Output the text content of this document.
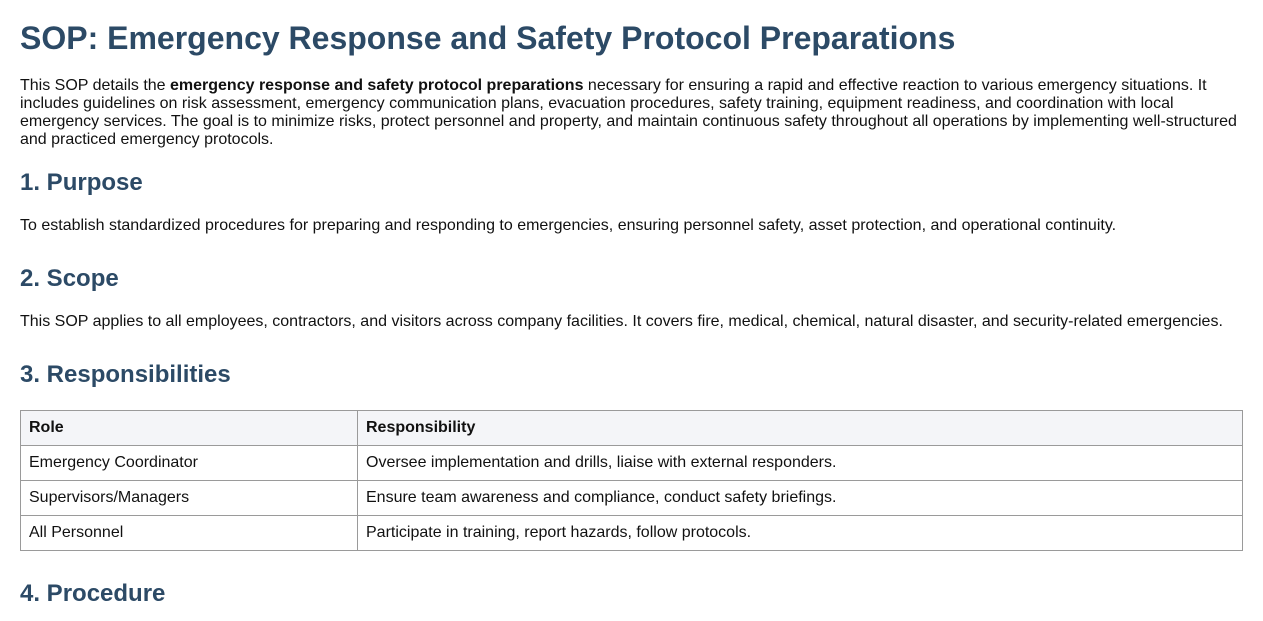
SOP: Emergency Response and Safety Protocol Preparations

This SOP details the emergency response and safety protocol preparations necessary for ensuring a rapid and effective reaction to various emergency situations. It includes guidelines on risk assessment, emergency communication plans, evacuation procedures, safety training, equipment readiness, and coordination with local emergency services. The goal is to minimize risks, protect personnel and property, and maintain continuous safety throughout all operations by implementing well-structured and practiced emergency protocols.

1. Purpose

To establish standardized procedures for preparing and responding to emergencies, ensuring personnel safety, asset protection, and operational continuity.

2. Scope

This SOP applies to all employees, contractors, and visitors across company facilities. It covers fire, medical, chemical, natural disaster, and security-related emergencies.

3. Responsibilities
Role	Responsibility
Emergency Coordinator	Oversee implementation and drills, liaise with external responders.
Supervisors/Managers	Ensure team awareness and compliance, conduct safety briefings.
All Personnel	Participate in training, report hazards, follow protocols.
4. Procedure
